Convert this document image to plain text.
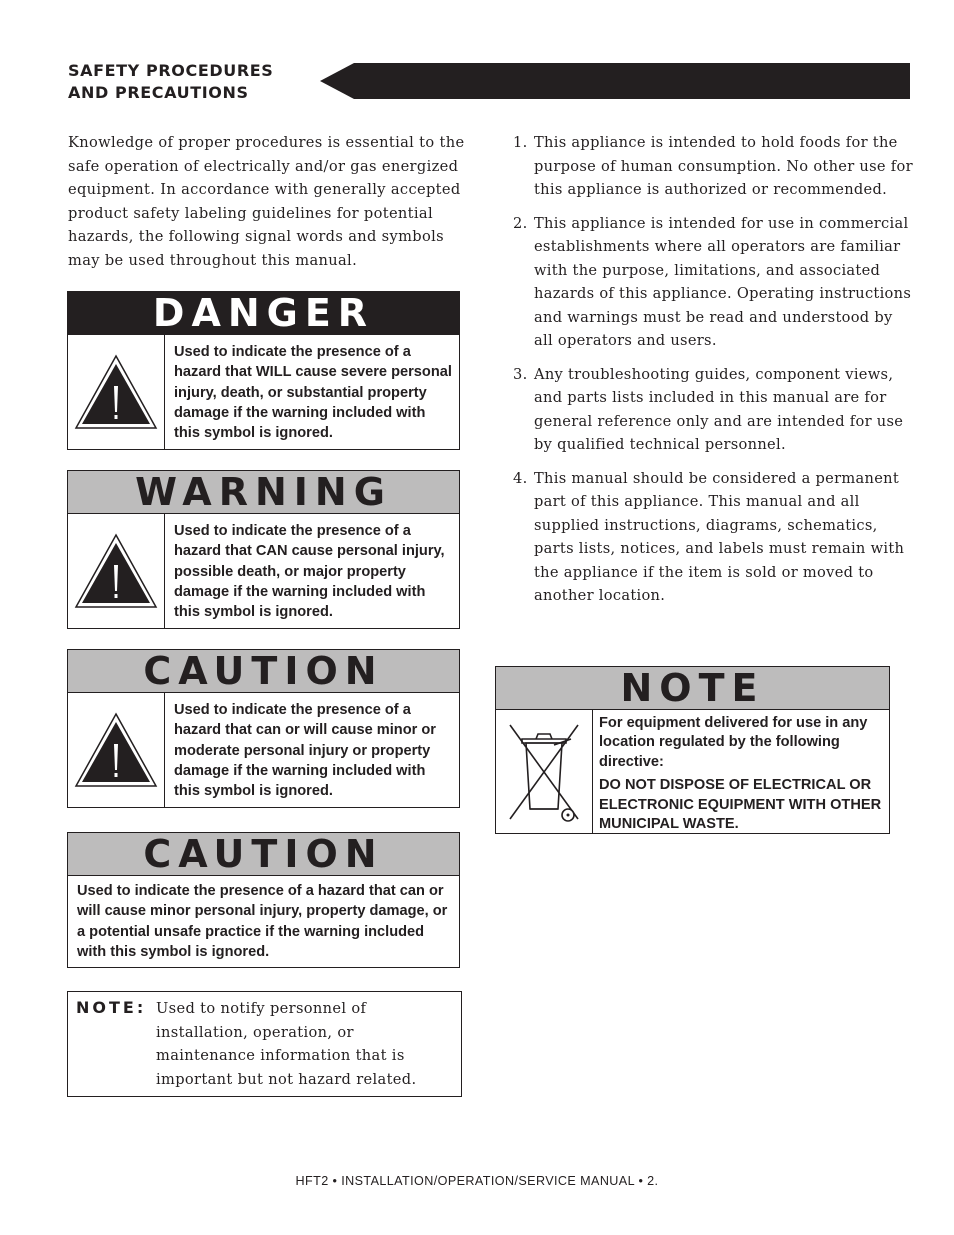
SAFETY PROCEDURES
AND PRECAUTIONS
Knowledge of proper procedures is essential to the safe operation of electrically and/or gas energized equipment. In accordance with generally accepted product safety labeling guidelines for potential hazards, the following signal words and symbols may be used throughout this manual.
DANGER
Used to indicate the presence of a hazard that WILL cause severe personal injury, death, or substantial property damage if the warning included with this symbol is ignored.
WARNING
Used to indicate the presence of a hazard that CAN cause personal injury, possible death, or major property damage if the warning included with this symbol is ignored.
CAUTION
Used to indicate the presence of a hazard that can or will cause minor or moderate personal injury or property damage if the warning included with this symbol is ignored.
CAUTION
Used to indicate the presence of a hazard that can or will cause minor personal injury, property damage, or a potential unsafe practice if the warning included with this symbol is ignored.
NOTE: Used to notify personnel of installation, operation, or maintenance information that is important but not hazard related.
1. This appliance is intended to hold foods for the purpose of human consumption. No other use for this appliance is authorized or recommended.
2. This appliance is intended for use in commercial establishments where all operators are familiar with the purpose, limitations, and associated hazards of this appliance. Operating instructions and warnings must be read and understood by all operators and users.
3. Any troubleshooting guides, component views, and parts lists included in this manual are for general reference only and are intended for use by qualified technical personnel.
4. This manual should be considered a permanent part of this appliance. This manual and all supplied instructions, diagrams, schematics, parts lists, notices, and labels must remain with the appliance if the item is sold or moved to another location.
NOTE
For equipment delivered for use in any location regulated by the following directive:
DO NOT DISPOSE OF ELECTRICAL OR ELECTRONIC EQUIPMENT WITH OTHER MUNICIPAL WASTE.
HFT2 • INSTALLATION/OPERATION/SERVICE MANUAL • 2.
